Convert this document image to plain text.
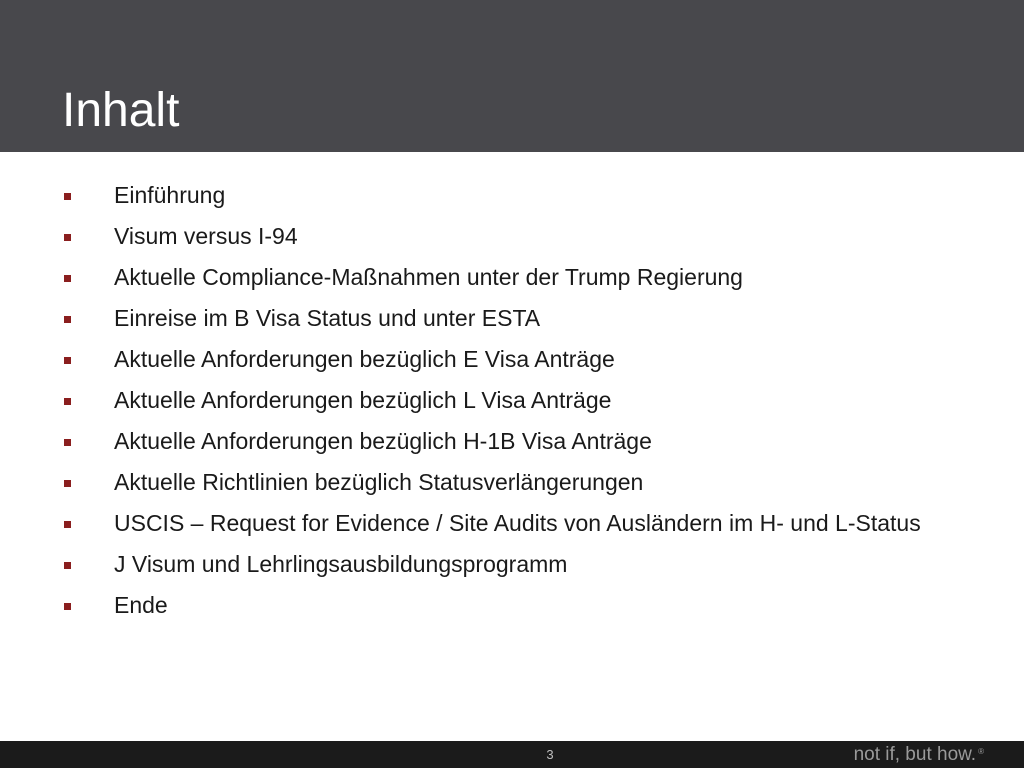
Inhalt
Einführung
Visum versus I-94
Aktuelle Compliance-Maßnahmen unter der Trump Regierung
Einreise im B Visa Status und unter ESTA
Aktuelle Anforderungen bezüglich E Visa Anträge
Aktuelle Anforderungen bezüglich L Visa Anträge
Aktuelle Anforderungen bezüglich H-1B Visa Anträge
Aktuelle Richtlinien bezüglich Statusverlängerungen
USCIS – Request for Evidence / Site Audits von Ausländern im H- und L-Status
J Visum und Lehrlingsausbildungsprogramm
Ende
3	not if, but how. ®
